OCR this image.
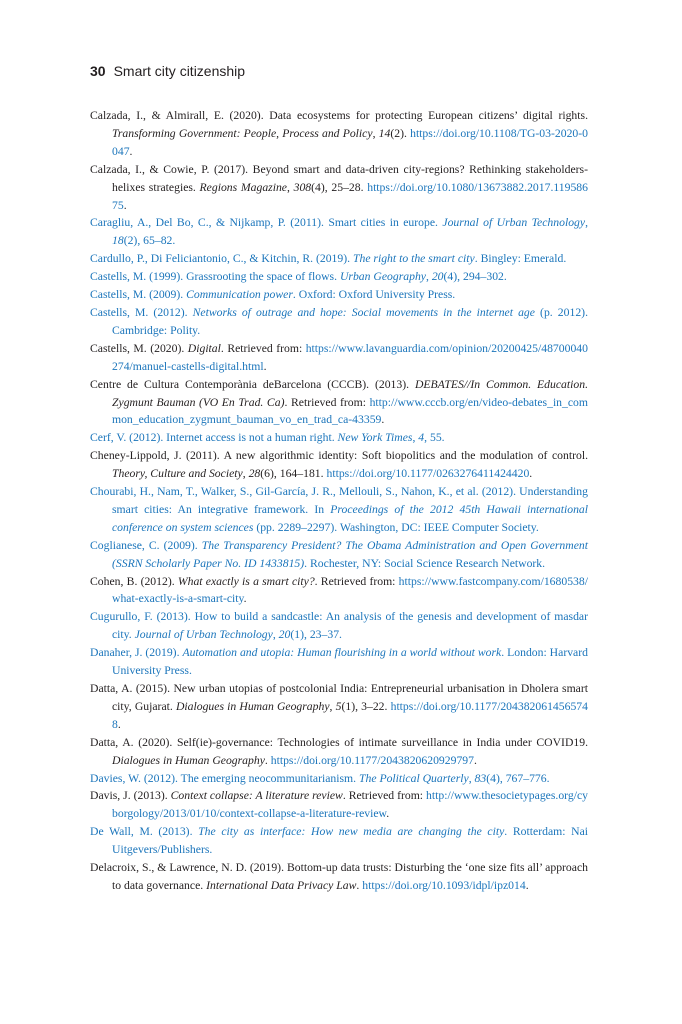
30 Smart city citizenship

Calzada, I., & Almirall, E. (2020). Data ecosystems for protecting European citizens’ digital rights. Transforming Government: People, Process and Policy, 14(2). https://doi.org/10.1108/TG-03-2020-0047.

Calzada, I., & Cowie, P. (2017). Beyond smart and data-driven city-regions? Rethinking stakeholders-helixes strategies. Regions Magazine, 308(4), 25–28. https://doi.org/10.1080/13673882.2017.11958675.

Caragliu, A., Del Bo, C., & Nijkamp, P. (2011). Smart cities in europe. Journal of Urban Technology, 18(2), 65–82.

Cardullo, P., Di Feliciantonio, C., & Kitchin, R. (2019). The right to the smart city. Bingley: Emerald.

Castells, M. (1999). Grassrooting the space of flows. Urban Geography, 20(4), 294–302.

Castells, M. (2009). Communication power. Oxford: Oxford University Press.

Castells, M. (2012). Networks of outrage and hope: Social movements in the internet age (p. 2012). Cambridge: Polity.

Castells, M. (2020). Digital. Retrieved from: https://www.lavanguardia.com/opinion/20200425/48700040274/manuel-castells-digital.html.

Centre de Cultura Contemporània deBarcelona (CCCB). (2013). DEBATES//In Common. Education. Zygmunt Bauman (VO En Trad. Ca). Retrieved from: http://www.cccb.org/en/video-debates_in_common_education_zygmunt_bauman_vo_en_trad_ca-43359.

Cerf, V. (2012). Internet access is not a human right. New York Times, 4, 55.

Cheney-Lippold, J. (2011). A new algorithmic identity: Soft biopolitics and the modulation of control. Theory, Culture and Society, 28(6), 164–181. https://doi.org/10.1177/0263276411424420.

Chourabi, H., Nam, T., Walker, S., Gil-García, J. R., Mellouli, S., Nahon, K., et al. (2012). Understanding smart cities: An integrative framework. In Proceedings of the 2012 45th Hawaii international conference on system sciences (pp. 2289–2297). Washington, DC: IEEE Computer Society.

Coglianese, C. (2009). The Transparency President? The Obama Administration and Open Government (SSRN Scholarly Paper No. ID 1433815). Rochester, NY: Social Science Research Network.

Cohen, B. (2012). What exactly is a smart city?. Retrieved from: https://www.fastcompany.com/1680538/what-exactly-is-a-smart-city.

Cugurullo, F. (2013). How to build a sandcastle: An analysis of the genesis and development of masdar city. Journal of Urban Technology, 20(1), 23–37.

Danaher, J. (2019). Automation and utopia: Human flourishing in a world without work. London: Harvard University Press.

Datta, A. (2015). New urban utopias of postcolonial India: Entrepreneurial urbanisation in Dholera smart city, Gujarat. Dialogues in Human Geography, 5(1), 3–22. https://doi.org/10.1177/2043820614565748.

Datta, A. (2020). Self(ie)-governance: Technologies of intimate surveillance in India under COVID19. Dialogues in Human Geography. https://doi.org/10.1177/2043820620929797.

Davies, W. (2012). The emerging neocommunitarianism. The Political Quarterly, 83(4), 767–776.

Davis, J. (2013). Context collapse: A literature review. Retrieved from: http://www.thesocietypages.org/cyborgology/2013/01/10/context-collapse-a-literature-review.

De Wall, M. (2013). The city as interface: How new media are changing the city. Rotterdam: Nai Uitgevers/Publishers.

Delacroix, S., & Lawrence, N. D. (2019). Bottom-up data trusts: Disturbing the ‘one size fits all’ approach to data governance. International Data Privacy Law. https://doi.org/10.1093/idpl/ipz014.
